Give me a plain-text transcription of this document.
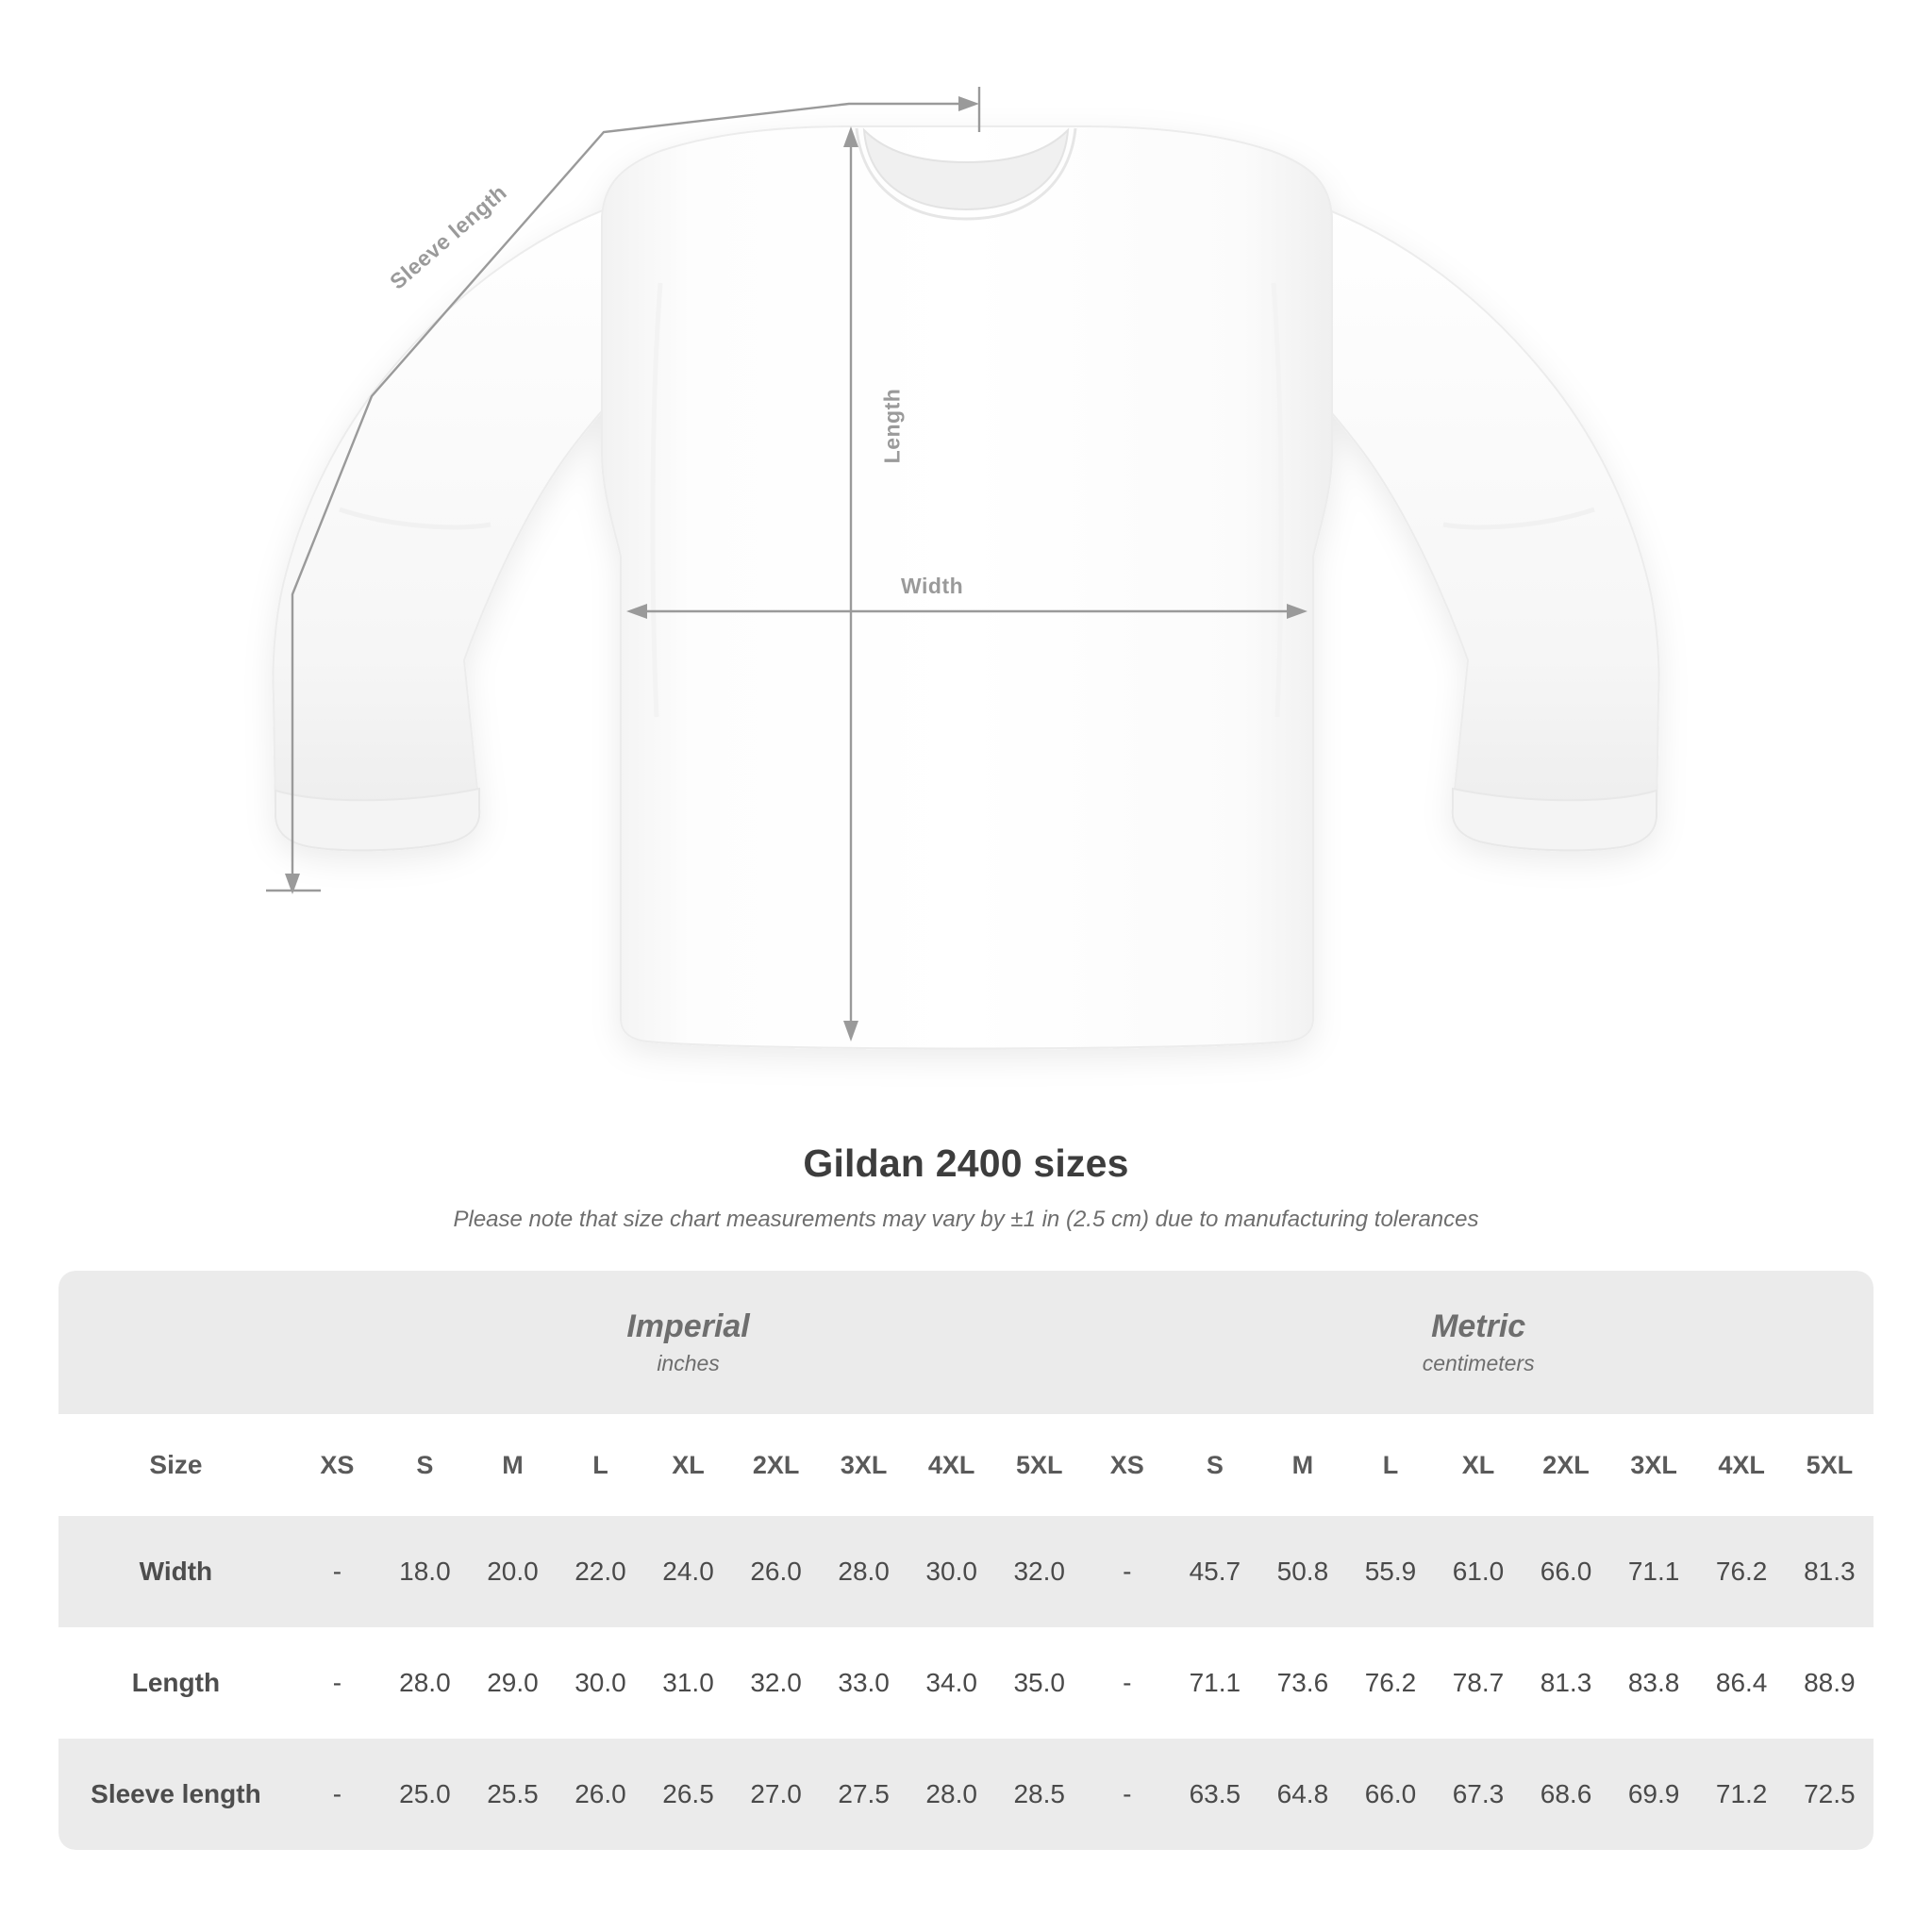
Length
Width
Sleeve length
Gildan 2400 sizes

Please note that size chart measurements may vary by ±1 in (2.5 cm) due to manufacturing tolerances

Imperial
inches

Metric
centimeters

Size	XS	S	M	L	XL	2XL	3XL	4XL	5XL	XS	S	M	L	XL	2XL	3XL	4XL	5XL
Width	-	18.0	20.0	22.0	24.0	26.0	28.0	30.0	32.0	-	45.7	50.8	55.9	61.0	66.0	71.1	76.2	81.3
Length	-	28.0	29.0	30.0	31.0	32.0	33.0	34.0	35.0	-	71.1	73.6	76.2	78.7	81.3	83.8	86.4	88.9
Sleeve length	-	25.0	25.5	26.0	26.5	27.0	27.5	28.0	28.5	-	63.5	64.8	66.0	67.3	68.6	69.9	71.2	72.5
